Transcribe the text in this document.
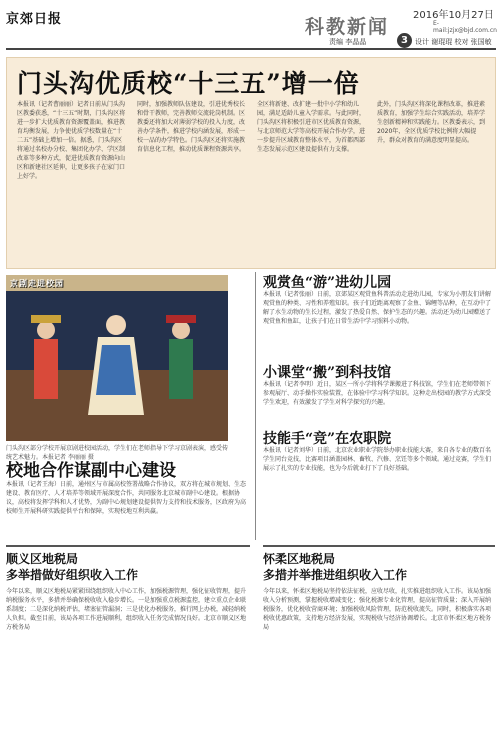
京郊日报	科教新闻
2016年10月27日
E-mail:jzjx@bjd.com.cn
责编 李晶晶	3	设计 谢琨琨 校对 张国敏
门头沟优质校“十三五”增一倍
本报讯（记者曹丽丽）记者日前从门头沟区教委获悉，“十三五”时期，门头沟区将进一步扩大优质教育资源覆盖面，推进教育均衡发展，力争使优质学校数量在“十二五”基础上增加一倍。据悉，门头沟区将通过名校办分校、集团化办学、学区制改革等多种方式，促进优质教育资源向山区和新建社区延伸，让更多孩子在家门口上好学。
同时，加强教师队伍建设，引进优秀校长和骨干教师，完善教师交流轮岗机制。区教委还将加大对薄弱学校的投入力度，改善办学条件，推进学校内涵发展，形成一校一品的办学特色。门头沟区还将实施教育信息化工程，推动优质课程资源共享。
全区将新建、改扩建一批中小学和幼儿园，满足适龄儿童入学需求。与此同时，门头沟区将积极引进市区优质教育资源，与北京师范大学等高校开展合作办学，进一步提升区域教育整体水平，为首都西部生态发展示范区建设提供有力支撑。
此外，门头沟区将深化课程改革，推进素质教育，加强学生综合实践活动，培养学生创新精神和实践能力。区教委表示，到2020年，全区优质学校比例将大幅提升，群众对教育的满意度明显提高。
京剧走进校园
门头沟区部分学校开展京剧进校园活动，学生们在老师指导下学习京剧表演，感受传统艺术魅力。本报记者 李丽丽 摄
观赏鱼“游”进幼儿园
本报讯（记者张丽）日前，京郊某区观赏鱼科普活动走进幼儿园，专家为小朋友们讲解观赏鱼的种类、习性和养殖知识。孩子们近距离观察了金鱼、锦鲤等品种，在互动中了解了水生动物的生长过程，激发了热爱自然、保护生态的兴趣。活动还为幼儿园赠送了观赏鱼和鱼缸，让孩子们在日常生活中学习照料小动物。
小课堂“搬”到科技馆
本报讯（记者李明）近日，某区一所小学将科学课搬进了科技馆，学生们在老师带领下参观展厅、动手操作实验装置，在体验中学习科学知识。这种走出校园的教学方式深受学生欢迎，有效激发了学生对科学探究的兴趣。
技能手“竞”在农职院
本报讯（记者刘华）日前，北京农业职业学院举办职业技能大赛，来自各专业的数百名学生同台竞技，比赛项目涵盖园林、畜牧、汽修、烹饪等多个领域。通过竞赛，学生们展示了扎实的专业技能，也为今后就业打下了良好基础。
校地合作谋副中心建设
本报讯（记者王海）日前，通州区与市属高校签署战略合作协议，双方将在城市规划、生态建设、教育医疗、人才培养等领域开展深度合作，共同服务北京城市副中心建设。根据协议，高校将发挥学科和人才优势，为副中心规划建设提供智力支持和技术服务，区政府为高校师生开展科研实践提供平台和保障，实现校地互利共赢。
顺义区地税局
多举措做好组织收入工作
今年以来，顺义区地税局紧紧围绕组织收入中心工作，加强税源管理，强化征收管理，提升纳税服务水平，多措并举确保税收收入稳步增长。一是加强重点税源监控，建立重点企业联系制度；二是深化纳税评估，堵塞征管漏洞；三是优化办税服务，推行网上办税，减轻纳税人负担。截至目前，该局各项工作进展顺利，组织收入任务完成情况良好。北京市顺义区地方税务局
怀柔区地税局
多措并举推进组织收入工作
今年以来，怀柔区地税局坚持依法征税，应收尽收，扎实推进组织收入工作。该局加强收入分析预测，掌握税收增减变化；强化税源专业化管理，提高征管质量；深入开展纳税服务，优化税收营商环境；加强税收风险管理，防范税收流失。同时，积极落实各项税收优惠政策，支持地方经济发展，实现税收与经济协调增长。北京市怀柔区地方税务局
